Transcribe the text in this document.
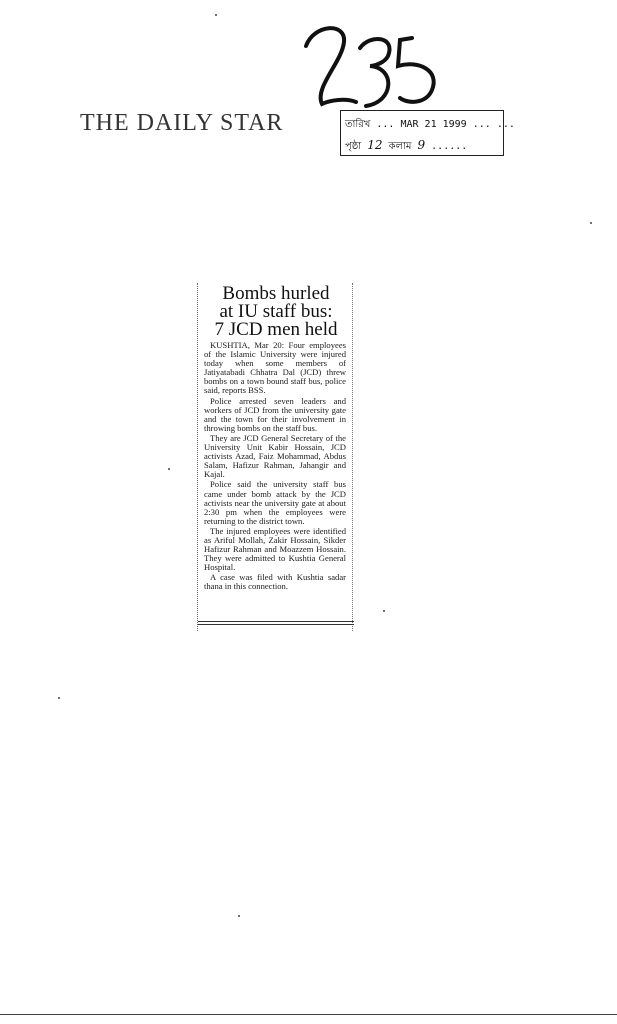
235
THE DAILY STAR	তারিখ ... MAR 21 1999 ... ...
পৃষ্ঠা 12 কলাম 9 ......
Bombs hurled
at IU staff bus:
7 JCD men held

KUSHTIA, Mar 20: Four employees of the Islamic University were injured today when some members of Jatiyatabadi Chhatra Dal (JCD) threw bombs on a town bound staff bus, police said, reports BSS.

Police arrested seven leaders and workers of JCD from the university gate and the town for their involvement in throwing bombs on the staff bus.

They are JCD General Secretary of the University Unit Kabir Hossain, JCD activists Azad, Faiz Mohammad, Abdus Salam, Hafizur Rahman, Jahangir and Kajal.

Police said the university staff bus came under bomb attack by the JCD activists near the university gate at about 2:30 pm when the employees were returning to the district town.

The injured employees were identified as Ariful Mollah, Zakir Hossain, Sikder Hafizur Rahman and Moazzem Hossain. They were admitted to Kushtia General Hospital.

A case was filed with Kushtia sadar thana in this connection.
